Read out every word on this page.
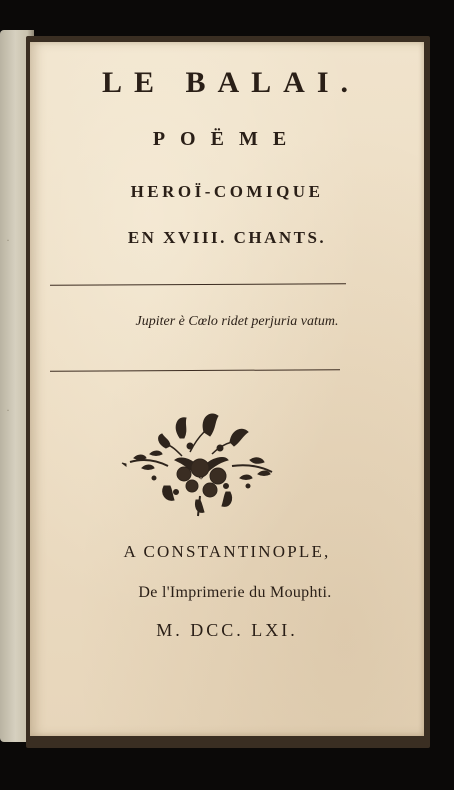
·
·
LE BALAI.
POËME
HEROÏ-COMIQUE
EN XVIII. CHANTS.
Jupiter è Cœlo ridet perjuria vatum.
A CONSTANTINOPLE,
De l'Imprimerie du Mouphti.
M. DCC. LXI.
